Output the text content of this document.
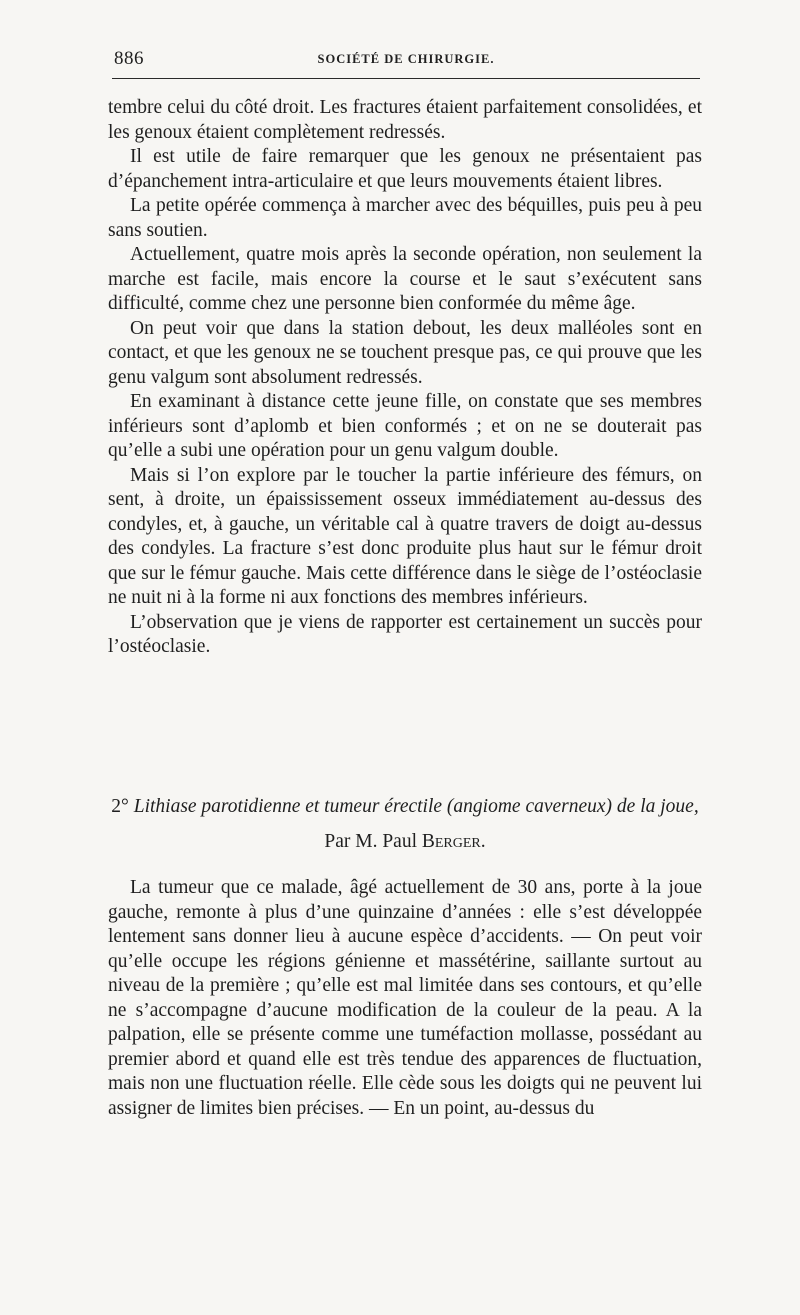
886	SOCIÉTÉ DE CHIRURGIE.

tembre celui du côté droit. Les fractures étaient parfaitement consolidées, et les genoux étaient complètement redressés.

Il est utile de faire remarquer que les genoux ne présentaient pas d’épanchement intra-articulaire et que leurs mouvements étaient libres.

La petite opérée commença à marcher avec des béquilles, puis peu à peu sans soutien.

Actuellement, quatre mois après la seconde opération, non seulement la marche est facile, mais encore la course et le saut s’exécutent sans difficulté, comme chez une personne bien conformée du même âge.

On peut voir que dans la station debout, les deux malléoles sont en contact, et que les genoux ne se touchent presque pas, ce qui prouve que les genu valgum sont absolument redressés.

En examinant à distance cette jeune fille, on constate que ses membres inférieurs sont d’aplomb et bien conformés ; et on ne se douterait pas qu’elle a subi une opération pour un genu valgum double.

Mais si l’on explore par le toucher la partie inférieure des fémurs, on sent, à droite, un épaississement osseux immédiatement au-dessus des condyles, et, à gauche, un véritable cal à quatre travers de doigt au-dessus des condyles. La fracture s’est donc produite plus haut sur le fémur droit que sur le fémur gauche. Mais cette différence dans le siège de l’ostéoclasie ne nuit ni à la forme ni aux fonctions des membres inférieurs.

L’observation que je viens de rapporter est certainement un succès pour l’ostéoclasie.

2° Lithiase parotidienne et tumeur érectile (angiome caverneux) de la joue,

Par M. Paul Berger.

La tumeur que ce malade, âgé actuellement de 30 ans, porte à la joue gauche, remonte à plus d’une quinzaine d’années : elle s’est développée lentement sans donner lieu à aucune espèce d’accidents. — On peut voir qu’elle occupe les régions génienne et massétérine, saillante surtout au niveau de la première ; qu’elle est mal limitée dans ses contours, et qu’elle ne s’accompagne d’aucune modification de la couleur de la peau. A la palpation, elle se présente comme une tuméfaction mollasse, possédant au premier abord et quand elle est très tendue des apparences de fluctuation, mais non une fluctuation réelle. Elle cède sous les doigts qui ne peuvent lui assigner de limites bien précises. — En un point, au-dessus du
